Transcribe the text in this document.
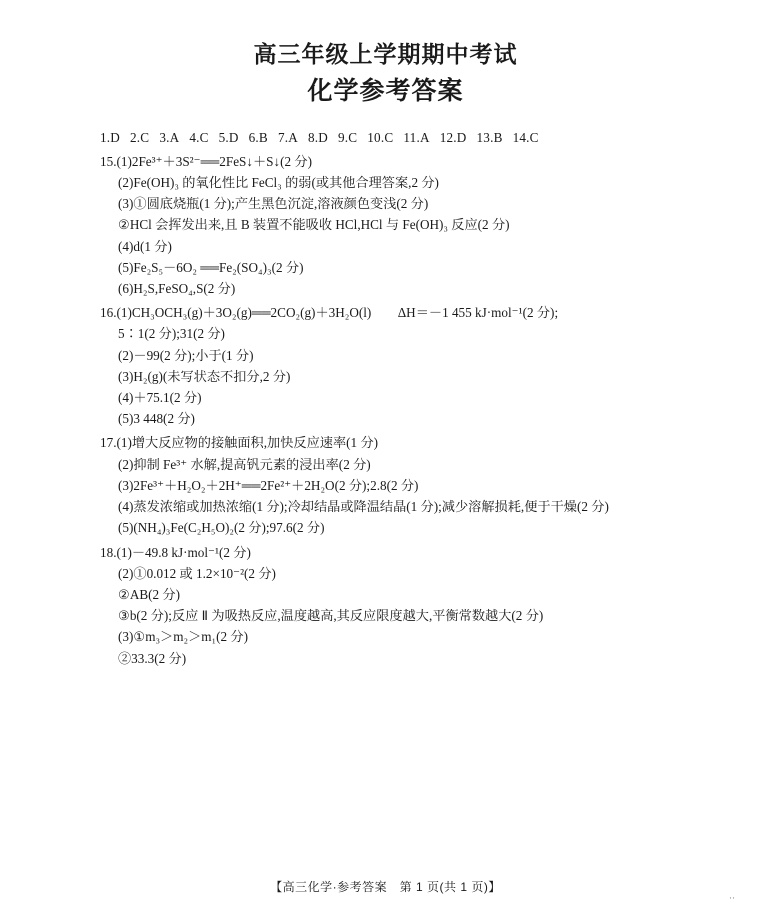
高三年级上学期期中考试
化学参考答案
1.D 2.C 3.A 4.C 5.D 6.B 7.A 8.D 9.C 10.C 11.A 12.D 13.B 14.C
15.(1)2Fe³⁺＋3S²⁻══2FeS↓＋S↓(2 分)
(2)Fe(OH)₃ 的氧化性比 FeCl₃ 的弱(或其他合理答案,2 分)
(3)①圆底烧瓶(1 分);产生黑色沉淀,溶液颜色变浅(2 分)
②HCl 会挥发出来,且 B 装置不能吸收 HCl,HCl 与 Fe(OH)₃ 反应(2 分)
(4)d(1 分)
(5)Fe₂S₅－6O₂ ══Fe₂(SO₄)₃(2 分)
(6)H₂S,FeSO₄,S(2 分)
16.(1)CH₃OCH₃(g)＋3O₂(g)══2CO₂(g)＋3H₂O(l)　　ΔH＝－1 455 kJ·mol⁻¹(2 分);
5∶1(2 分);31(2 分)
(2)－99(2 分);小于(1 分)
(3)H₂(g)(未写状态不扣分,2 分)
(4)＋75.1(2 分)
(5)3 448(2 分)
17.(1)增大反应物的接触面积,加快反应速率(1 分)
(2)抑制 Fe³⁺ 水解,提高钒元素的浸出率(2 分)
(3)2Fe³⁺＋H₂O₂＋2H⁺══2Fe²⁺＋2H₂O(2 分);2.8(2 分)
(4)蒸发浓缩或加热浓缩(1 分);冷却结晶或降温结晶(1 分);减少溶解损耗,便于干燥(2 分)
(5)(NH₄)₃Fe(C₂H₅O)₂(2 分);97.6(2 分)
18.(1)－49.8 kJ·mol⁻¹(2 分)
(2)①0.012 或 1.2×10⁻²(2 分)
②AB(2 分)
③b(2 分);反应 Ⅱ 为吸热反应,温度越高,其反应限度越大,平衡常数越大(2 分)
(3)①m₃＞m₂＞m₁(2 分)
②33.3(2 分)
【高三化学·参考答案　第 1 页(共 1 页)】
··
